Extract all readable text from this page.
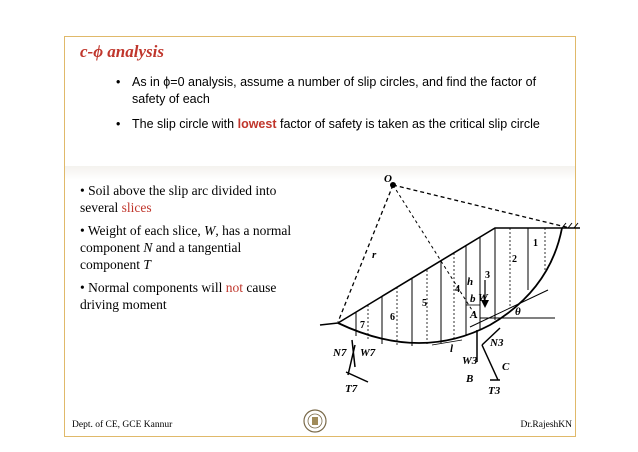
c-ϕ analysis
• As in ϕ=0 analysis, assume a number of slip circles, and find the factor of safety of each
• The slip circle with lowest factor of safety is taken as the critical slip circle
• Soil above the slip arc divided into several slices
• Weight of each slice, W, has a normal component N and a tangential component T
• Normal components will not cause driving moment
O
r
h
b
A
W
θ
l
N7 W7
T7
W3
N3
C
B
T3
1
2
3
4
5
6
7
Dept. of CE, GCE Kannur	Dr.RajeshKN
